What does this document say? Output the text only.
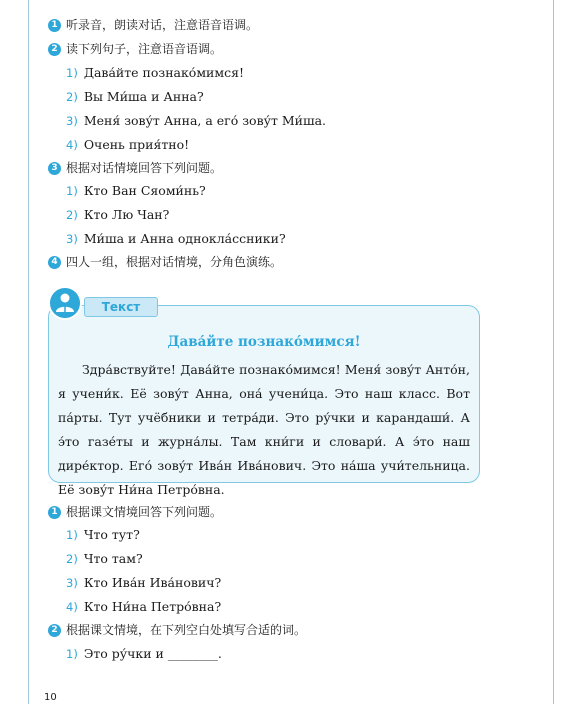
1 听录音，朗读对话，注意语音语调。
2 读下列句子，注意语音语调。
1) Дава́йте познако́мимся!
2) Вы Ми́ша и Анна?
3) Меня́ зову́т Анна, а его́ зову́т Ми́ша.
4) Очень прия́тно!
3 根据对话情境回答下列问题。
1) Кто Ван Сяоми́нь?
2) Кто Лю Чан?
3) Ми́ша и Анна однокла́ссники?
4 四人一组，根据对话情境，分角色演练。
Текст
Дава́йте познако́мимся!
Здра́вствуйте! Дава́йте познако́мимся! Меня́ зову́т Анто́н, я учени́к. Её зову́т Анна, она́ учени́ца. Это наш класс. Вот па́рты. Тут учёбники и тетра́ди. Это ру́чки и карандаши́. А э́то газе́ты и журна́лы. Там кни́ги и словари́. А э́то наш дире́ктор. Его́ зову́т Ива́н Ива́нович. Это на́ша учи́тельница. Её зову́т Ни́на Петро́вна.
1 根据课文情境回答下列问题。
1) Что тут?
2) Что там?
3) Кто Ива́н Ива́нович?
4) Кто Ни́на Петро́вна?
2 根据课文情境，在下列空白处填写合适的词。
1) Это ру́чки и ________.
10
